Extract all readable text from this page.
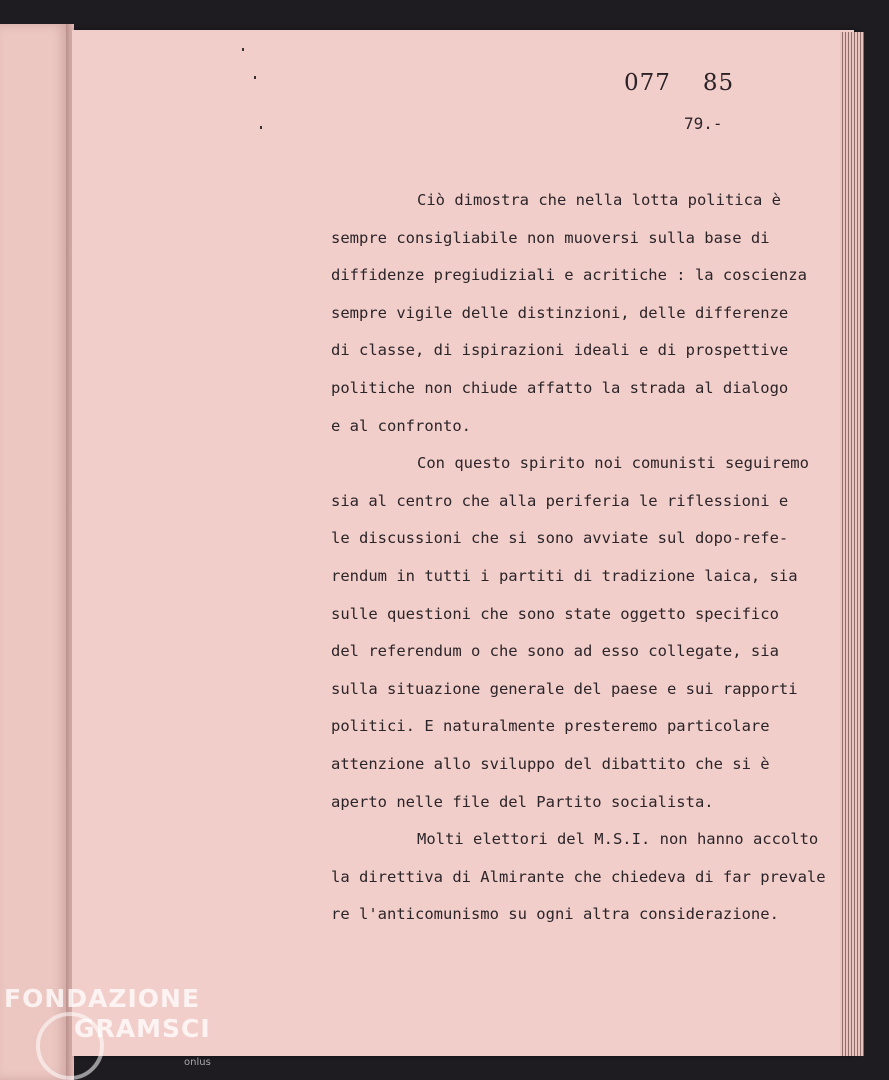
077 85
79.-
Ciò dimostra che nella lotta politica è
sempre consigliabile non muoversi sulla base di
diffidenze pregiudiziali e acritiche : la coscienza
sempre vigile delle distinzioni, delle differenze
di classe, di ispirazioni ideali e di prospettive
politiche non chiude affatto la strada al dialogo
e al confronto.
Con questo spirito noi comunisti seguiremo
sia al centro che alla periferia le riflessioni e
le discussioni che si sono avviate sul dopo-refe-
rendum in tutti i partiti di tradizione laica, sia
sulle questioni che sono state oggetto specifico
del referendum o che sono ad esso collegate, sia
sulla situazione generale del paese e sui rapporti
politici. E naturalmente presteremo particolare
attenzione allo sviluppo del dibattito che si è
aperto nelle file del Partito socialista.
Molti elettori del M.S.I. non hanno accolto
la direttiva di Almirante che chiedeva di far prevale
re l'anticomunismo su ogni altra considerazione.
FONDAZIONE
GRAMSCI
onlus
